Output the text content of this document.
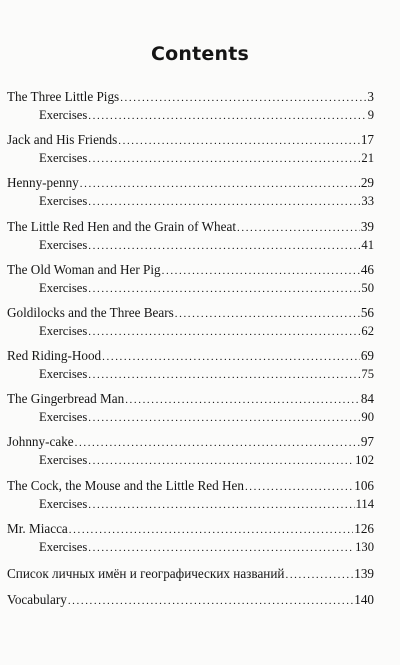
Contents
The Three Little Pigs .....	3
Exercises .....	9
Jack and His Friends .....	17
Exercises .....	21
Henny-penny .....	29
Exercises .....	33
The Little Red Hen and the Grain of Wheat .....	39
Exercises .....	41
The Old Woman and Her Pig .....	46
Exercises .....	50
Goldilocks and the Three Bears .....	56
Exercises .....	62
Red Riding-Hood .....	69
Exercises .....	75
The Gingerbread Man .....	84
Exercises .....	90
Johnny-cake .....	97
Exercises .....	102
The Cock, the Mouse and the Little Red Hen .....	106
Exercises .....	114
Mr. Miacca .....	126
Exercises .....	130
Список личных имён и географических названий .....	139
Vocabulary .....	140
